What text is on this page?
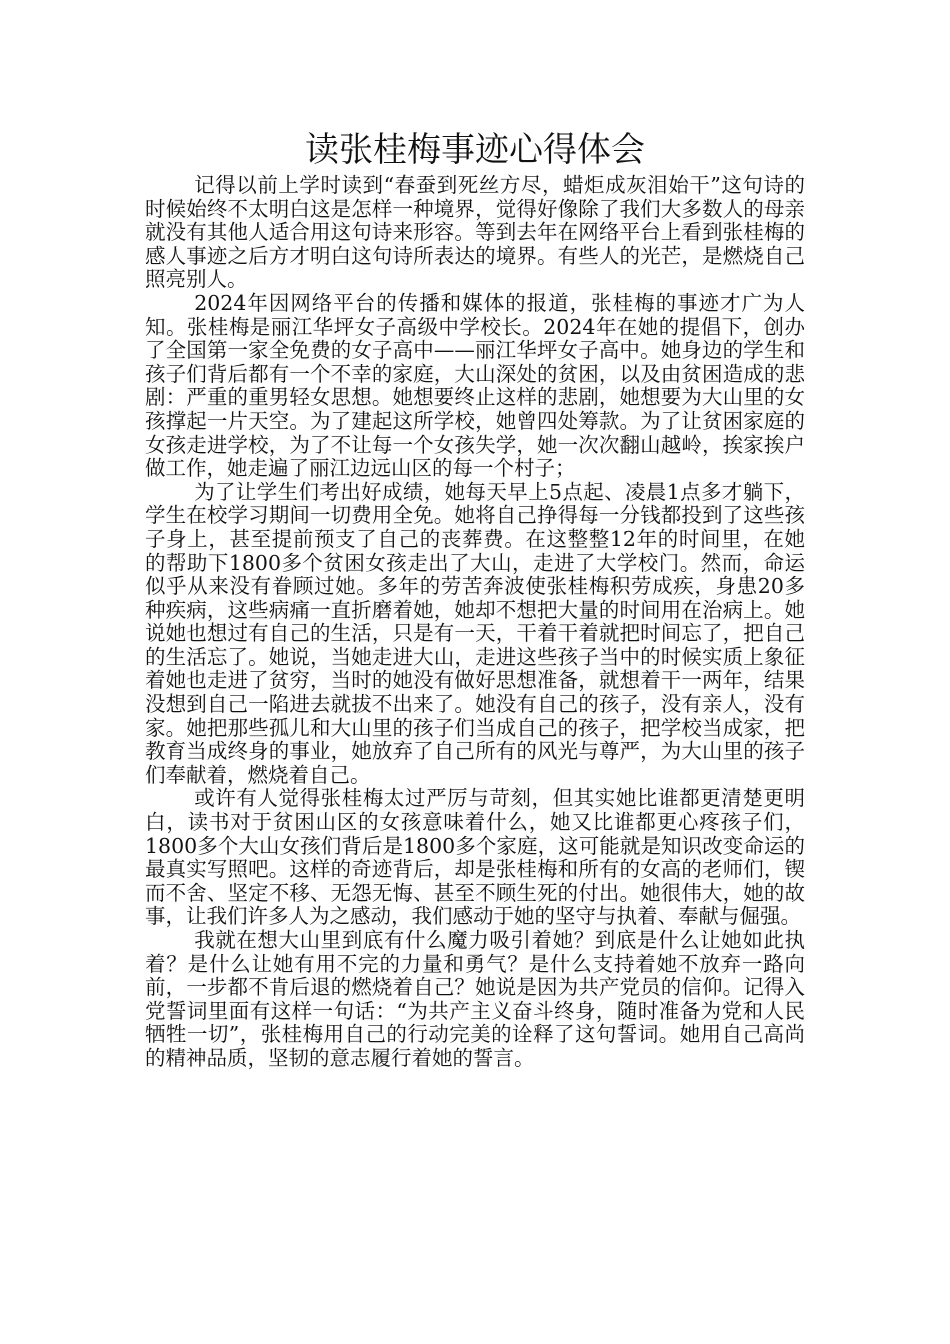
读张桂梅事迹心得体会

记得以前上学时读到“春蚕到死丝方尽，蜡炬成灰泪始干”这句诗的时候始终不太明白这是怎样一种境界，觉得好像除了我们大多数人的母亲就没有其他人适合用这句诗来形容。等到去年在网络平台上看到张桂梅的感人事迹之后方才明白这句诗所表达的境界。有些人的光芒，是燃烧自己照亮别人。

2024年因网络平台的传播和媒体的报道，张桂梅的事迹才广为人知。张桂梅是丽江华坪女子高级中学校长。2024年在她的提倡下，创办了全国第一家全免费的女子高中——丽江华坪女子高中。她身边的学生和孩子们背后都有一个不幸的家庭，大山深处的贫困，以及由贫困造成的悲剧：严重的重男轻女思想。她想要终止这样的悲剧，她想要为大山里的女孩撑起一片天空。为了建起这所学校，她曾四处筹款。为了让贫困家庭的女孩走进学校，为了不让每一个女孩失学，她一次次翻山越岭，挨家挨户做工作，她走遍了丽江边远山区的每一个村子；

为了让学生们考出好成绩，她每天早上5点起、凌晨1点多才躺下，学生在校学习期间一切费用全免。她将自己挣得每一分钱都投到了这些孩子身上，甚至提前预支了自己的丧葬费。在这整整12年的时间里，在她的帮助下1800多个贫困女孩走出了大山，走进了大学校门。然而，命运似乎从来没有眷顾过她。多年的劳苦奔波使张桂梅积劳成疾，身患20多种疾病，这些病痛一直折磨着她，她却不想把大量的时间用在治病上。她说她也想过有自己的生活，只是有一天，干着干着就把时间忘了，把自己的生活忘了。她说，当她走进大山，走进这些孩子当中的时候实质上象征着她也走进了贫穷，当时的她没有做好思想准备，就想着干一两年，结果没想到自己一陷进去就拔不出来了。她没有自己的孩子，没有亲人，没有家。她把那些孤儿和大山里的孩子们当成自己的孩子，把学校当成家，把教育当成终身的事业，她放弃了自己所有的风光与尊严，为大山里的孩子们奉献着，燃烧着自己。

或许有人觉得张桂梅太过严厉与苛刻，但其实她比谁都更清楚更明白，读书对于贫困山区的女孩意味着什么，她又比谁都更心疼孩子们，1800多个大山女孩们背后是1800多个家庭，这可能就是知识改变命运的最真实写照吧。这样的奇迹背后，却是张桂梅和所有的女高的老师们，锲而不舍、坚定不移、无怨无悔、甚至不顾生死的付出。她很伟大，她的故事，让我们许多人为之感动，我们感动于她的坚守与执着、奉献与倔强。

我就在想大山里到底有什么魔力吸引着她？到底是什么让她如此执着？是什么让她有用不完的力量和勇气？是什么支持着她不放弃一路向前，一步都不肯后退的燃烧着自己？她说是因为共产党员的信仰。记得入党誓词里面有这样一句话：“为共产主义奋斗终身，随时准备为党和人民牺牲一切”，张桂梅用自己的行动完美的诠释了这句誓词。她用自己高尚的精神品质，坚韧的意志履行着她的誓言。
